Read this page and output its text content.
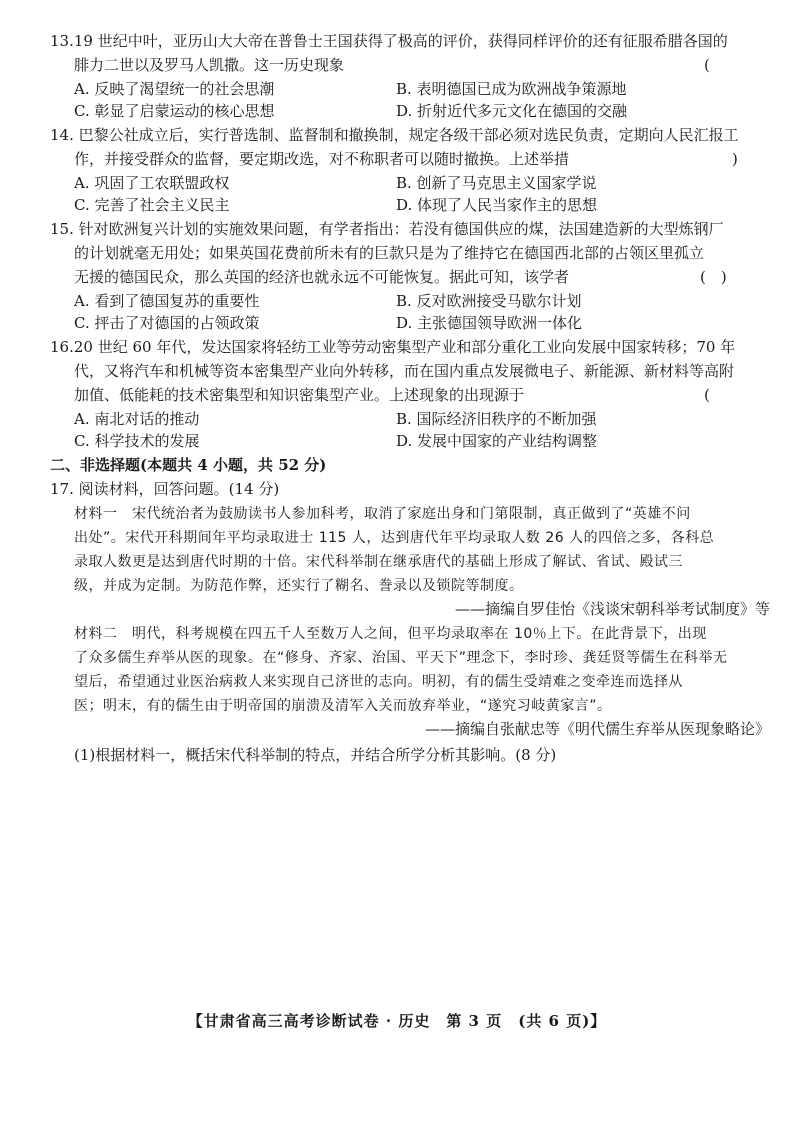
13.19 世纪中叶，亚历山大大帝在普鲁士王国获得了极高的评价，获得同样评价的还有征服希腊各国的
腓力二世以及罗马人凯撒。这一历史现象	(
A. 反映了渴望统一的社会思潮	B. 表明德国已成为欧洲战争策源地
C. 彰显了启蒙运动的核心思想	D. 折射近代多元文化在德国的交融
14. 巴黎公社成立后，实行普选制、监督制和撤换制，规定各级干部必须对选民负责，定期向人民汇报工
作，并接受群众的监督，要定期改选，对不称职者可以随时撤换。上述举措	)
A. 巩固了工农联盟政权	B. 创新了马克思主义国家学说
C. 完善了社会主义民主	D. 体现了人民当家作主的思想
15. 针对欧洲复兴计划的实施效果问题，有学者指出：若没有德国供应的煤，法国建造新的大型炼钢厂
的计划就毫无用处；如果英国花费前所未有的巨款只是为了维持它在德国西北部的占领区里孤立
无援的德国民众，那么英国的经济也就永远不可能恢复。据此可知，该学者	(　)
A. 看到了德国复苏的重要性	B. 反对欧洲接受马歇尔计划
C. 抨击了对德国的占领政策	D. 主张德国领导欧洲一体化
16.20 世纪 60 年代，发达国家将轻纺工业等劳动密集型产业和部分重化工业向发展中国家转移；70 年
代，又将汽车和机械等资本密集型产业向外转移，而在国内重点发展微电子、新能源、新材料等高附
加值、低能耗的技术密集型和知识密集型产业。上述现象的出现源于	(
A. 南北对话的推动	B. 国际经济旧秩序的不断加强
C. 科学技术的发展	D. 发展中国家的产业结构调整
二、非选择题(本题共 4 小题，共 52 分)
17. 阅读材料，回答问题。(14 分)
材料一　宋代统治者为鼓励读书人参加科考，取消了家庭出身和门第限制，真正做到了“英雄不问
出处”。宋代开科期间年平均录取进士 115 人，达到唐代年平均录取人数 26 人的四倍之多，各科总
录取人数更是达到唐代时期的十倍。宋代科举制在继承唐代的基础上形成了解试、省试、殿试三
级，并成为定制。为防范作弊，还实行了糊名、誊录以及锁院等制度。
——摘编自罗佳怡《浅谈宋朝科举考试制度》等
材料二　明代，科考规模在四五千人至数万人之间，但平均录取率在 10％上下。在此背景下，出现
了众多儒生弃举从医的现象。在“修身、齐家、治国、平天下”理念下，李时珍、龚廷贤等儒生在科举无
望后，希望通过业医治病救人来实现自己济世的志向。明初，有的儒生受靖难之变牵连而选择从
医；明末，有的儒生由于明帝国的崩溃及清军入关而放弃举业，“遂究习岐黄家言”。
——摘编自张献忠等《明代儒生弃举从医现象略论》
(1)根据材料一，概括宋代科举制的特点，并结合所学分析其影响。(8 分)
【甘肃省高三高考诊断试卷 · 历史　第 3 页　(共 6 页)】
